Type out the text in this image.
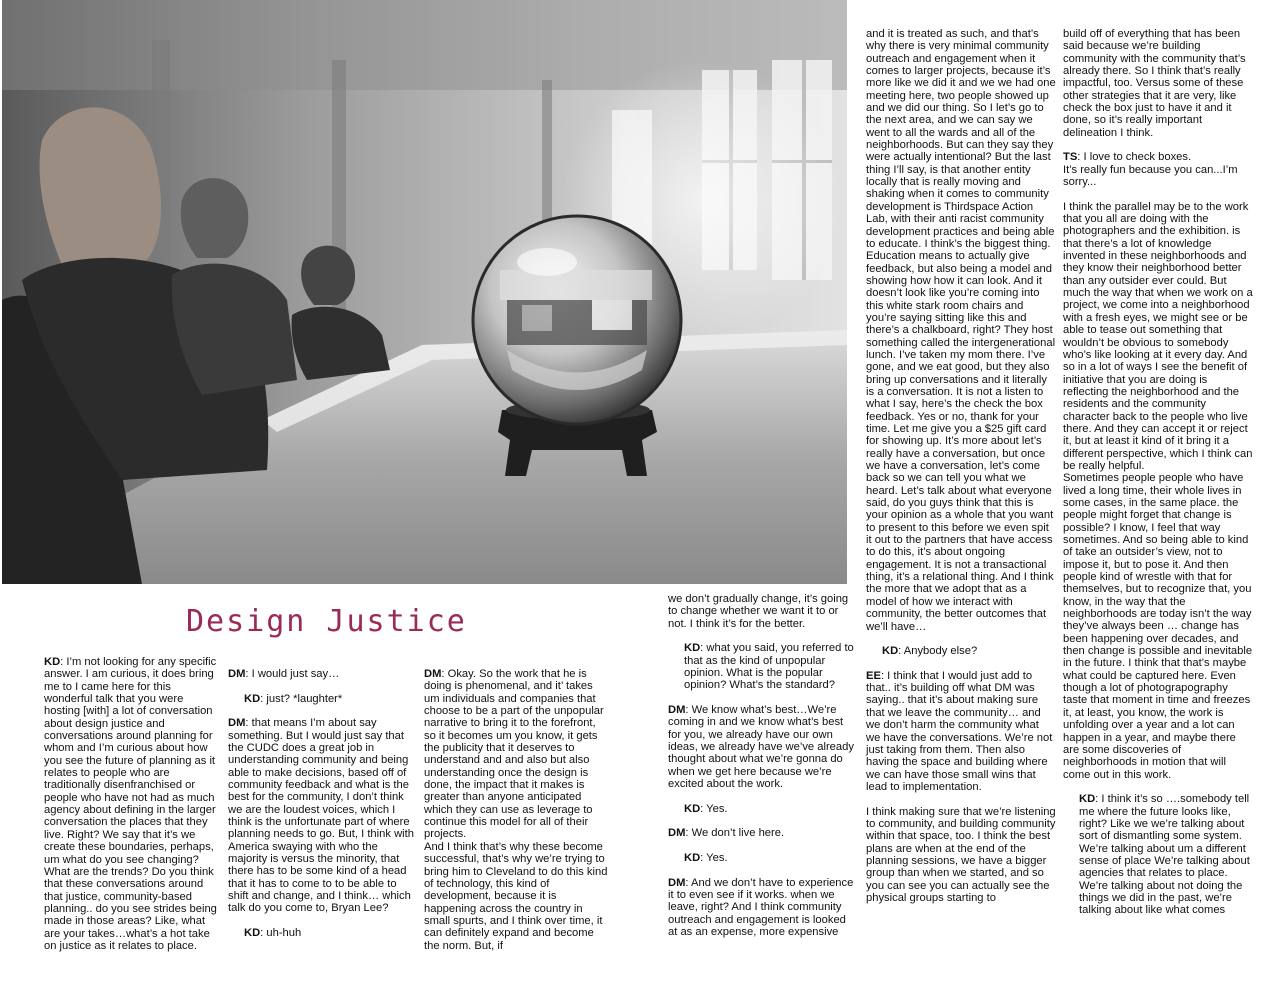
Design Justice

KD: I’m not looking for any specific answer. I am curious, it does bring me to I came here for this wonderful talk that you were hosting [with] a lot of conversation about design justice and conversations around planning for whom and I’m curious about how you see the future of planning as it relates to people who are traditionally disenfranchised or people who have not had as much agency about defining in the larger conversation the places that they live. Right? We say that it’s we create these boundaries, perhaps, um what do you see changing? What are the trends? Do you think that these conversations around that justice, community-based planning.. do you see strides being made in those areas? Like, what are your takes…what’s a hot take on justice as it relates to place.

DM: I would just say…

KD: just? *laughter*

DM: that means I’m about say something. But I would just say that the CUDC does a great job in understanding community and being able to make decisions, based off of community feedback and what is the best for the community, I don’t think we are the loudest voices, which I think is the unfortunate part of where planning needs to go. But, I think with America swaying with who the majority is versus the minority, that there has to be some kind of a head that it has to come to to be able to shift and change, and I think… which talk do you come to, Bryan Lee?

KD: uh-huh

DM: Okay. So the work that he is doing is phenomenal, and it’ takes um individuals and companies that choose to be a part of the unpopular narrative to bring it to the forefront, so it becomes um you know, it gets the publicity that it deserves to understand and and also but also understanding once the design is done, the impact that it makes is greater than anyone anticipated which they can use as leverage to continue this model for all of their projects.

And I think that’s why these become successful, that’s why we’re trying to bring him to Cleveland to do this kind of technology, this kind of development, because it is happening across the country in small spurts, and I think over time, it can definitely expand and become the norm. But, if

we don’t gradually change, it’s going to change whether we want it to or not. I think it’s for the better.

KD: what you said, you referred to that as the kind of unpopular opinion. What is the popular opinion? What’s the standard?

DM: We know what’s best…We’re coming in and we know what’s best for you, we already have our own ideas, we already have we’ve already thought about what we’re gonna do when we get here because we’re excited about the work.

KD: Yes.

DM: We don’t live here.

KD: Yes.

DM: And we don’t have to experience it to even see if it works. when we leave, right? And I think community outreach and engagement is looked at as an expense, more expensive

and it is treated as such, and that’s why there is very minimal community outreach and engagement when it comes to larger projects, because it’s more like we did it and we we had one meeting here, two people showed up and we did our thing. So I let’s go to the next area, and we can say we went to all the wards and all of the neighborhoods. But can they say they were actually intentional? But the last thing I’ll say, is that another entity locally that is really moving and shaking when it comes to community development is Thirdspace Action Lab, with their anti racist community development practices and being able to educate. I think’s the biggest thing. Education means to actually give feedback, but also being a model and showing how how it can look. And it doesn’t look like you’re coming into this white stark room chairs and you’re saying sitting like this and there’s a chalkboard, right? They host something called the intergenerational lunch. I’ve taken my mom there. I’ve gone, and we eat good, but they also bring up conversations and it literally is a conversation. It is not a listen to what I say, here’s the check the box feedback. Yes or no, thank for your time. Let me give you a $25 gift card for showing up. It’s more about let’s really have a conversation, but once we have a conversation, let’s come back so we can tell you what we heard. Let’s talk about what everyone said, do you guys think that this is your opinion as a whole that you want to present to this before we even spit it out to the partners that have access to do this, it’s about ongoing engagement. It is not a transactional thing, it’s a relational thing. And I think the more that we adopt that as a model of how we interact with community, the better outcomes that we’ll have…

KD: Anybody else?

EE: I think that I would just add to that.. it’s building off what DM was saying.. that it’s about making sure that we leave the community… and we don’t harm the community what we have the conversations. We’re not just taking from them. Then also having the space and building where we can have those small wins that lead to implementation.

I think making sure that we’re listening to community, and building community within that space, too. I think the best plans are when at the end of the planning sessions, we have a bigger group than when we started, and so you can see you can actually see the physical groups starting to

build off of everything that has been said because we’re building community with the community that’s already there. So I think that’s really impactful, too. Versus some of these other strategies that it are very, like check the box just to have it and it done, so it’s really important delineation I think.

TS: I love to check boxes.
It’s really fun because you can...I’m sorry...

I think the parallel may be to the work that you all are doing with the photographers and the exhibition. is that there’s a lot of knowledge invented in these neighborhoods and they know their neighborhood better than any outsider ever could. But much the way that when we work on a project, we come into a neighborhood with a fresh eyes, we might see or be able to tease out something that wouldn’t be obvious to somebody who’s like looking at it every day. And so in a lot of ways I see the benefit of initiative that you are doing is reflecting the neighborhood and the residents and the community character back to the people who live there. And they can accept it or reject it, but at least it kind of it bring it a different perspective, which I think can be really helpful.

Sometimes people people who have lived a long time, their whole lives in some cases, in the same place. the people might forget that change is possible? I know, I feel that way sometimes. And so being able to kind of take an outsider’s view, not to impose it, but to pose it. And then people kind of wrestle with that for themselves, but to recognize that, you know, in the way that the neighborhoods are today isn’t the way they’ve always been … change has been happening over decades, and then change is possible and inevitable in the future. I think that that’s maybe what could be captured here. Even though a lot of photograpography taste that moment in time and freezes it, at least, you know, the work is unfolding over a year and a lot can happen in a year, and maybe there are some discoveries of neighborhoods in motion that will come out in this work.

KD: I think it’s so ….somebody tell me where the future looks like, right? Like we we’re talking about sort of dismantling some system. We’re talking about um a different sense of place We’re talking about agencies that relates to place. We’re talking about not doing the things we did in the past, we’re talking about like what comes
